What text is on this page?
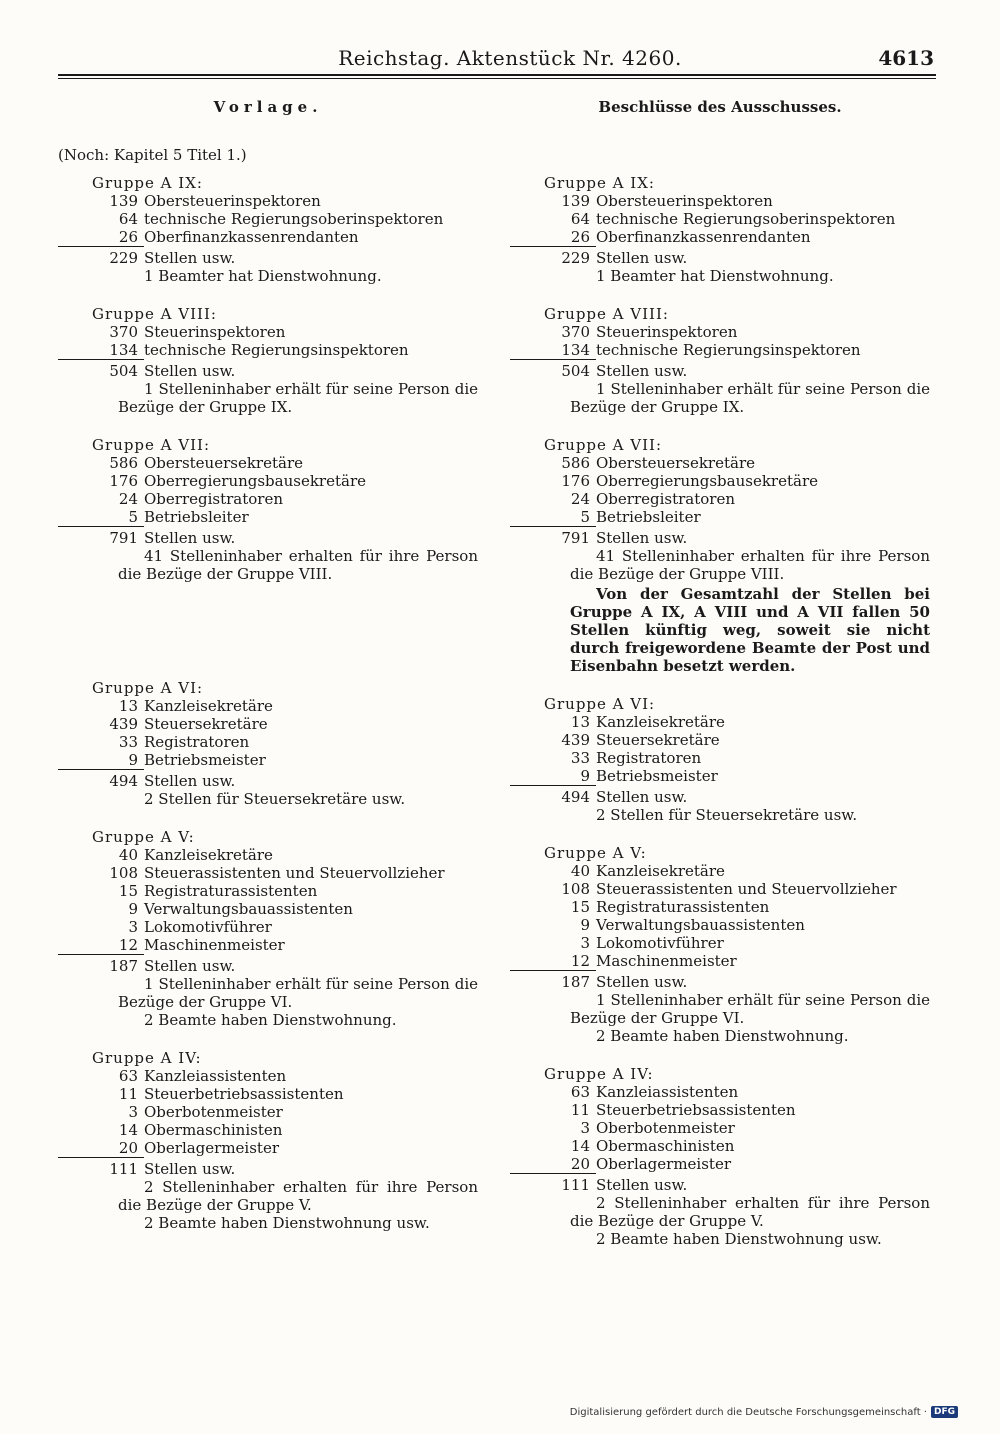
Reichstag. Aktenstück Nr. 4260.	4613
Vorlage.
(Noch: Kapitel 5 Titel 1.)
Gruppe A IX:
139 Obersteuerinspektoren
64 technische Regierungsoberinspektoren
26 Oberfinanzkassenrendanten
229 Stellen usw.
1 Beamter hat Dienstwohnung.
Gruppe A VIII:
370 Steuerinspektoren
134 technische Regierungsinspektoren
504 Stellen usw.
1 Stelleninhaber erhält für seine Person die Bezüge der Gruppe IX.
Gruppe A VII:
586 Obersteuersekretäre
176 Oberregierungsbausekretäre
24 Oberregistratoren
5 Betriebsleiter
791 Stellen usw.
41 Stelleninhaber erhalten für ihre Person die Bezüge der Gruppe VIII.
Gruppe A VI:
13 Kanzleisekretäre
439 Steuersekretäre
33 Registratoren
9 Betriebsmeister
494 Stellen usw.
2 Stellen für Steuersekretäre usw.
Gruppe A V:
40 Kanzleisekretäre
108 Steuerassistenten und Steuervollzieher
15 Registraturassistenten
9 Verwaltungsbauassistenten
3 Lokomotivführer
12 Maschinenmeister
187 Stellen usw.
1 Stelleninhaber erhält für seine Person die Bezüge der Gruppe VI.
2 Beamte haben Dienstwohnung.
Gruppe A IV:
63 Kanzleiassistenten
11 Steuerbetriebsassistenten
3 Oberbotenmeister
14 Obermaschinisten
20 Oberlagermeister
111 Stellen usw.
2 Stelleninhaber erhalten für ihre Person die Bezüge der Gruppe V.
2 Beamte haben Dienstwohnung usw.
Beschlüsse des Ausschusses.
Gruppe A IX:
139 Obersteuerinspektoren
64 technische Regierungsoberinspektoren
26 Oberfinanzkassenrendanten
229 Stellen usw.
1 Beamter hat Dienstwohnung.
Gruppe A VIII:
370 Steuerinspektoren
134 technische Regierungsinspektoren
504 Stellen usw.
1 Stelleninhaber erhält für seine Person die Bezüge der Gruppe IX.
Gruppe A VII:
586 Obersteuersekretäre
176 Oberregierungsbausekretäre
24 Oberregistratoren
5 Betriebsleiter
791 Stellen usw.
41 Stelleninhaber erhalten für ihre Person die Bezüge der Gruppe VIII.
Von der Gesamtzahl der Stellen bei Gruppe A IX, A VIII und A VII fallen 50 Stellen künftig weg, soweit sie nicht durch freigewordene Beamte der Post und Eisenbahn besetzt werden.
Gruppe A VI:
13 Kanzleisekretäre
439 Steuersekretäre
33 Registratoren
9 Betriebsmeister
494 Stellen usw.
2 Stellen für Steuersekretäre usw.
Gruppe A V:
40 Kanzleisekretäre
108 Steuerassistenten und Steuervollzieher
15 Registraturassistenten
9 Verwaltungsbauassistenten
3 Lokomotivführer
12 Maschinenmeister
187 Stellen usw.
1 Stelleninhaber erhält für seine Person die Bezüge der Gruppe VI.
2 Beamte haben Dienstwohnung.
Gruppe A IV:
63 Kanzleiassistenten
11 Steuerbetriebsassistenten
3 Oberbotenmeister
14 Obermaschinisten
20 Oberlagermeister
111 Stellen usw.
2 Stelleninhaber erhalten für ihre Person die Bezüge der Gruppe V.
2 Beamte haben Dienstwohnung usw.
Digitalisierung gefördert durch die Deutsche Forschungsgemeinschaft · DFG
